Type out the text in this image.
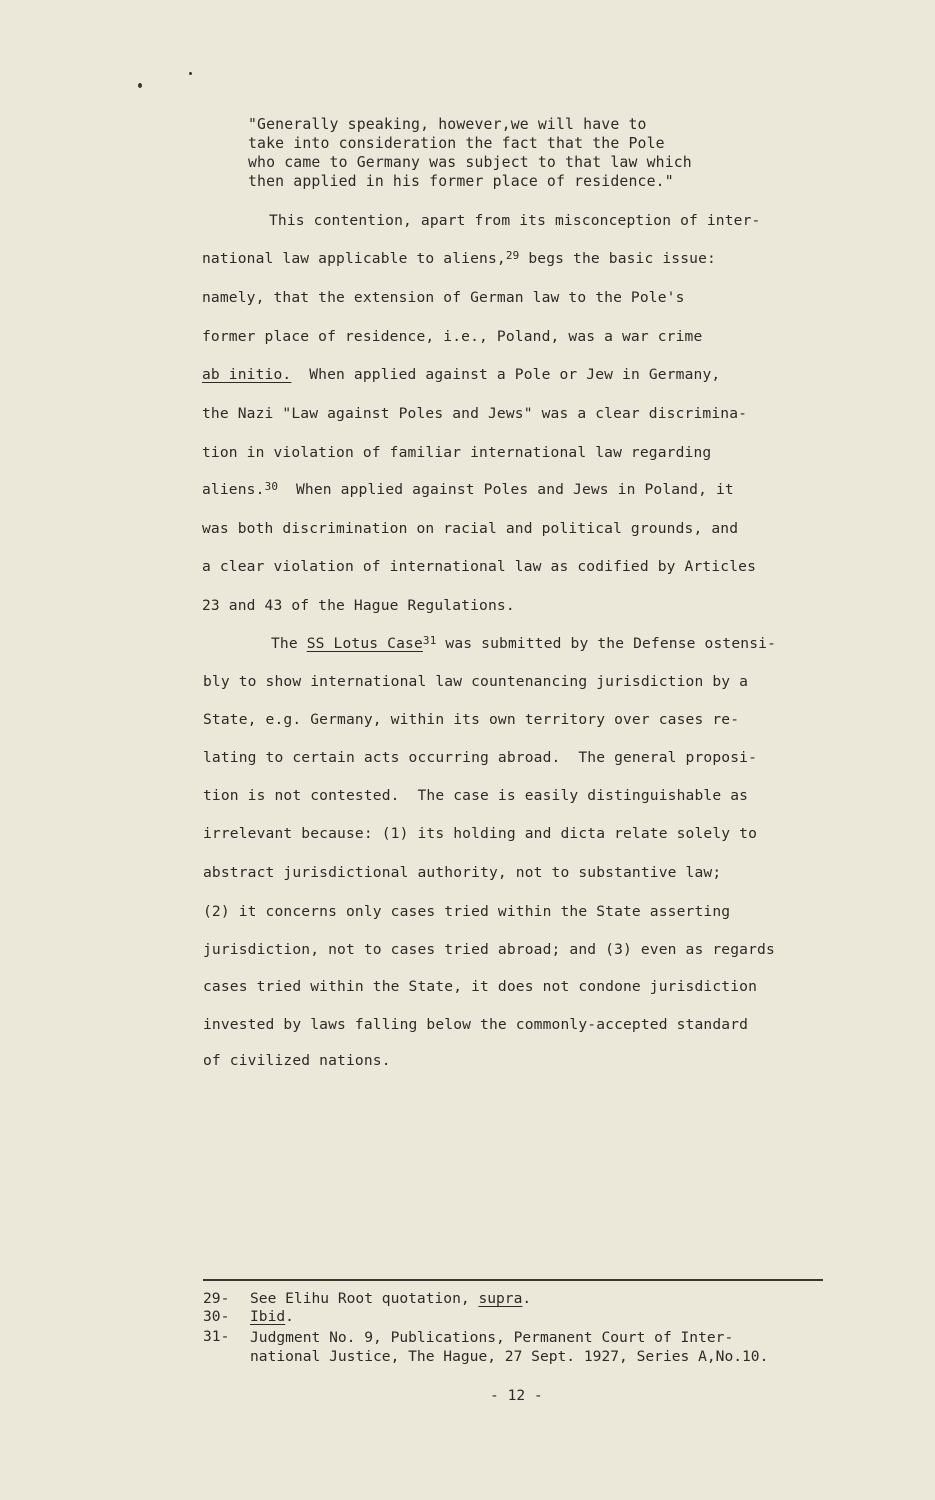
"Generally speaking, however,we will have to
take into consideration the fact that the Pole
who came to Germany was subject to that law which
then applied in his former place of residence."
This contention, apart from its misconception of inter-
national law applicable to aliens,$^{29}$ begs the basic issue:
namely, that the extension of German law to the Pole's
former place of residence, i.e., Poland, was a war crime
ab initio.  When applied against a Pole or Jew in Germany,
the Nazi "Law against Poles and Jews" was a clear discrimina-
tion in violation of familiar international law regarding
aliens.$^{30}$  When applied against Poles and Jews in Poland, it
was both discrimination on racial and political grounds, and
a clear violation of international law as codified by Articles
23 and 43 of the Hague Regulations.
The SS Lotus Case$^{31}$ was submitted by the Defense ostensi-
bly to show international law countenancing jurisdiction by a
State, e.g. Germany, within its own territory over cases re-
lating to certain acts occurring abroad.  The general proposi-
tion is not contested.  The case is easily distinguishable as
irrelevant because: (1) its holding and dicta relate solely to
abstract jurisdictional authority, not to substantive law;
(2) it concerns only cases tried within the State asserting
jurisdiction, not to cases tried abroad; and (3) even as regards
cases tried within the State, it does not condone jurisdiction
invested by laws falling below the commonly-accepted standard
of civilized nations.
29- See Elihu Root quotation, supra.
30- Ibid.
31- Judgment No. 9, Publications, Permanent Court of Inter-
national Justice, The Hague, 27 Sept. 1927, Series A,No.10.
- 12 -
